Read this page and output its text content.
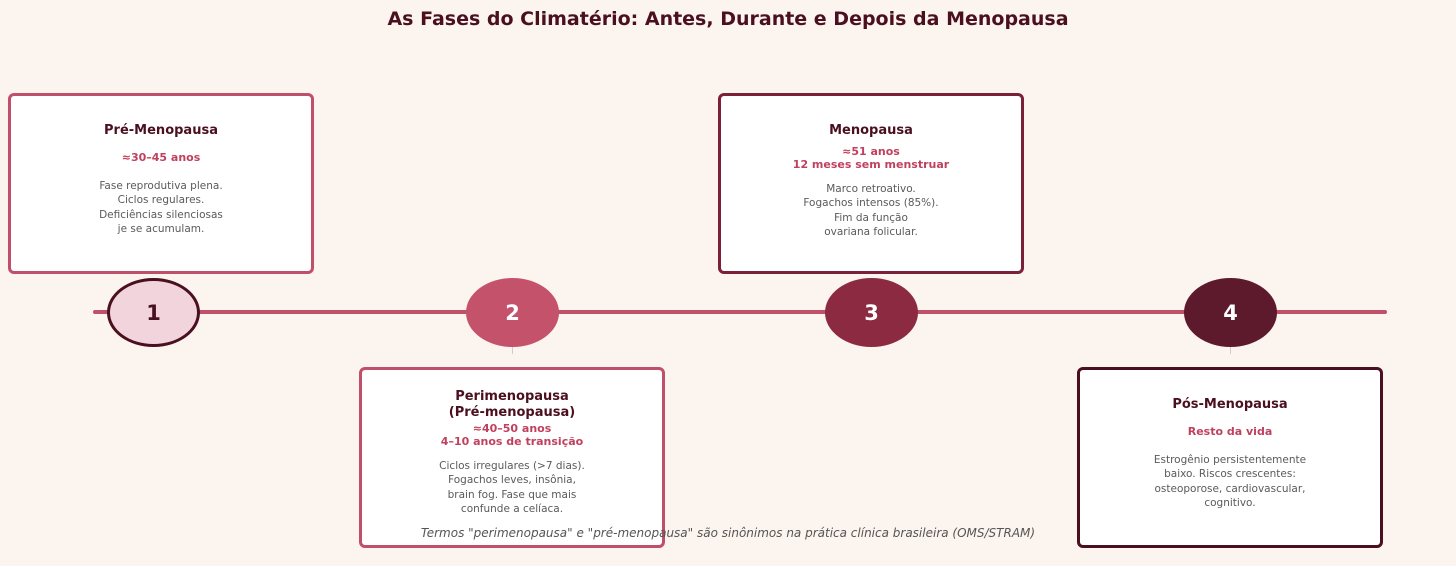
As Fases do Climatério: Antes, Durante e Depois da Menopausa
Pré-Menopausa
≈30–45 anos
Fase reprodutiva plena.
Ciclos regulares.
Deficiências silenciosas
je se acumulam.
1
Perimenopausa
(Pré-menopausa)
≈40–50 anos
4–10 anos de transição
Ciclos irregulares (>7 dias).
Fogachos leves, insônia,
brain fog. Fase que mais
confunde a celíaca.
2
Menopausa
≈51 anos
12 meses sem menstruar
Marco retroativo.
Fogachos intensos (85%).
Fim da função
ovariana folicular.
3
Pós-Menopausa
Resto da vida
Estrogênio persistentemente
baixo. Riscos crescentes:
osteoporose, cardiovascular,
cognitivo.
4
Termos "perimenopausa" e "pré-menopausa" são sinônimos na prática clínica brasileira (OMS/STRAM)
